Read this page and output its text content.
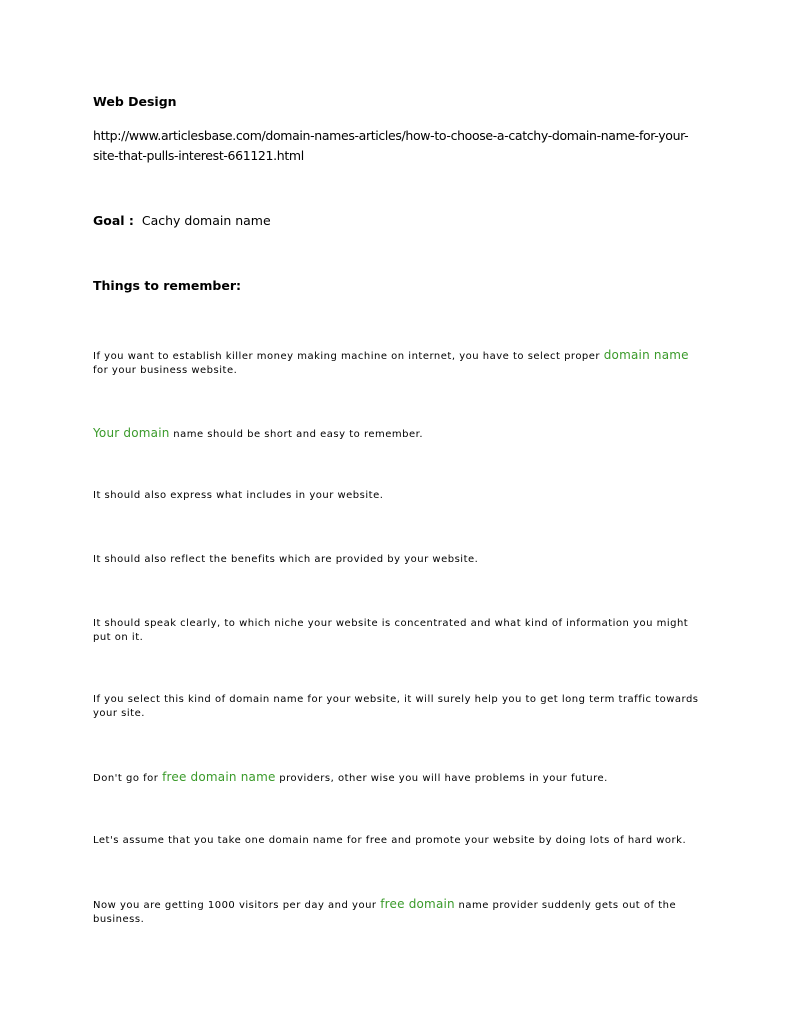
Web Design
http://www.articlesbase.com/domain-names-articles/how-to-choose-a-catchy-domain-name-for-your-
site-that-pulls-interest-661121.html
Goal : Cachy domain name
Things to remember:
If you want to establish killer money making machine on internet, you have to select proper domain name for your business website.
Your domain name should be short and easy to remember.
It should also express what includes in your website.
It should also reflect the benefits which are provided by your website.
It should speak clearly, to which niche your website is concentrated and what kind of information you might put on it.
If you select this kind of domain name for your website, it will surely help you to get long term traffic towards your site.
Don't go for free domain name providers, other wise you will have problems in your future.
Let's assume that you take one domain name for free and promote your website by doing lots of hard work.
Now you are getting 1000 visitors per day and your free domain name provider suddenly gets out of the business.
